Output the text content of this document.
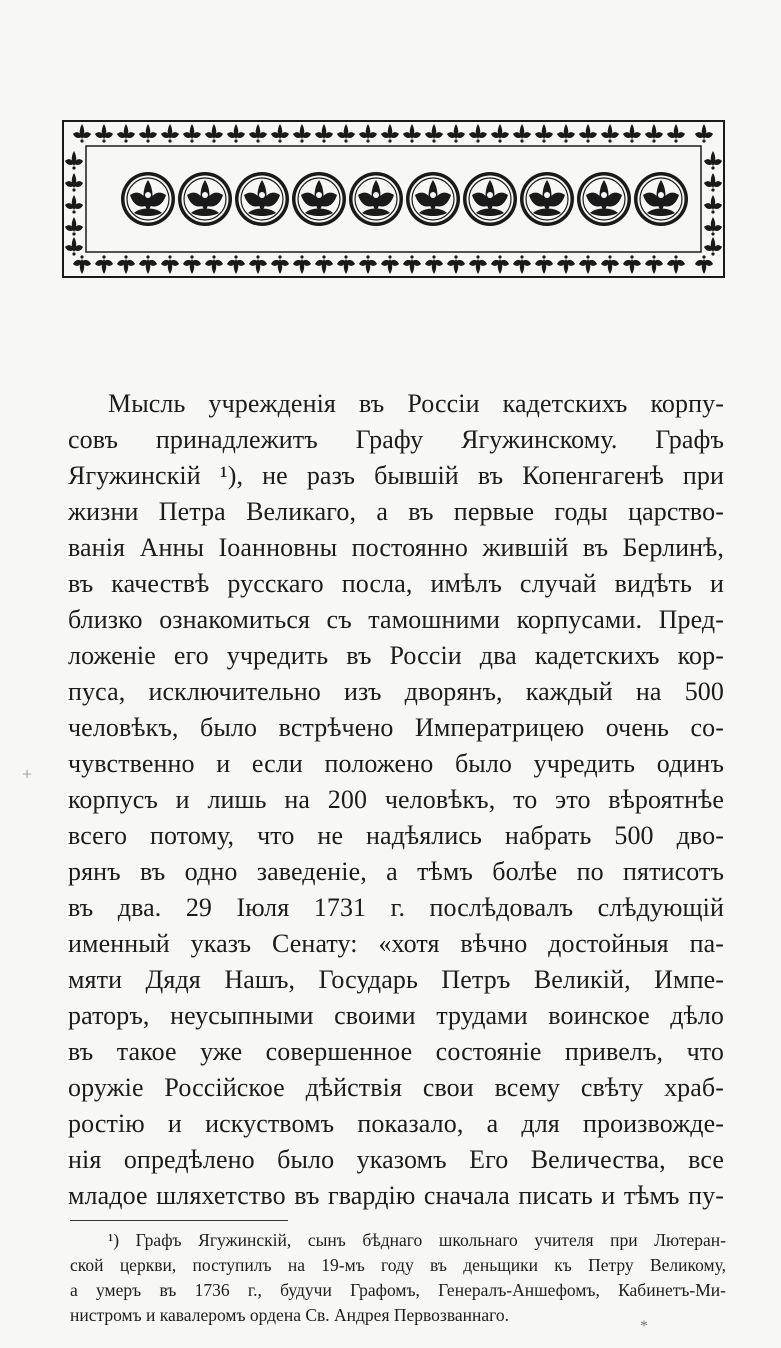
Мысль учрежденія въ Россіи кадетскихъ корпу-
совъ принадлежитъ Графу Ягужинскому. Графъ
Ягужинскій ¹), не разъ бывшій въ Копенгагенѣ при
жизни Петра Великаго, а въ первые годы царство-
ванія Анны Іоанновны постоянно жившій въ Берлинѣ,
въ качествѣ русскаго посла, имѣлъ случай видѣть и
близко ознакомиться съ тамошними корпусами. Пред-
ложеніе его учредить въ Россіи два кадетскихъ кор-
пуса, исключительно изъ дворянъ, каждый на 500
человѣкъ, было встрѣчено Императрицею очень со-
чувственно и если положено было учредить одинъ
корпусъ и лишь на 200 человѣкъ, то это вѣроятнѣе
всего потому, что не надѣялись набрать 500 дво-
рянъ въ одно заведеніе, а тѣмъ болѣе по пятисотъ
въ два. 29 Іюля 1731 г. послѣдовалъ слѣдующій
именный указъ Сенату: «хотя вѣчно достойныя па-
мяти Дядя Нашъ, Государь Петръ Великій, Импе-
раторъ, неусыпными своими трудами воинское дѣло
въ такое уже совершенное состояніе привелъ, что
оружіе Россійское дѣйствія свои всему свѣту храб-
ростію и искуствомъ показало, а для произвожде-
нія опредѣлено было указомъ Его Величества, все
младое шляхетство въ гвардію сначала писать и тѣмъ пу-
+
¹) Графъ Ягужинскій, сынъ бѣднаго школьнаго учителя при Лютеран-
ской церкви, поступилъ на 19-мъ году въ деньщики къ Петру Великому,
а умеръ въ 1736 г., будучи Графомъ, Генералъ-Аншефомъ, Кабинетъ-Ми-
нистромъ и кавалеромъ ордена Св. Андрея Первозваннаго.
*
